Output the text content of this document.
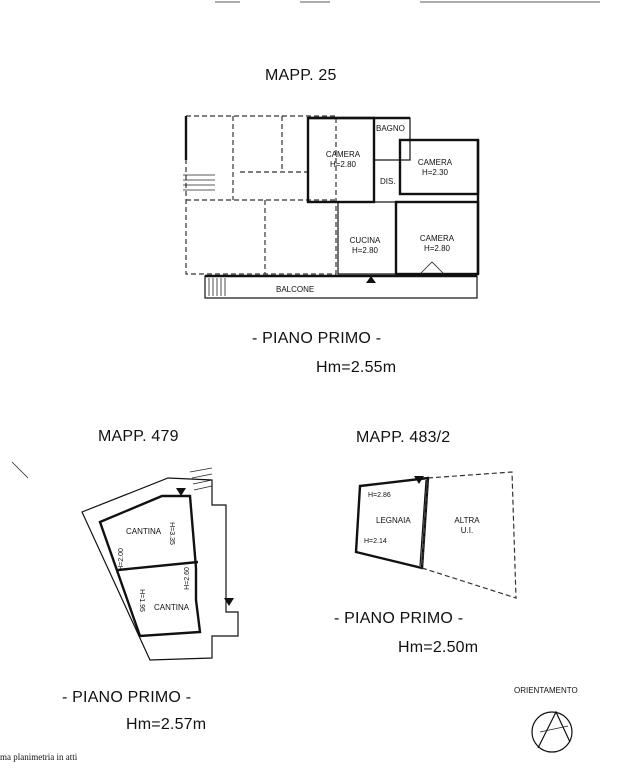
MAPP. 25
CAMERA
H=2.80
BAGNO
CAMERA
H=2.30
DIS.
CUCINA
H=2.80
CAMERA
H=2.80
BALCONE
- PIANO PRIMO -
Hm=2.55m
MAPP. 479
CANTINA
H=2.00
H=3.35
CANTINA
H=1.95
H=2.60
- PIANO PRIMO -
Hm=2.57m
MAPP. 483/2
H=2.86
LEGNAIA
H=2.14
ALTRA
U.I.
- PIANO PRIMO -
Hm=2.50m
ORIENTAMENTO
ma planimetria in atti
